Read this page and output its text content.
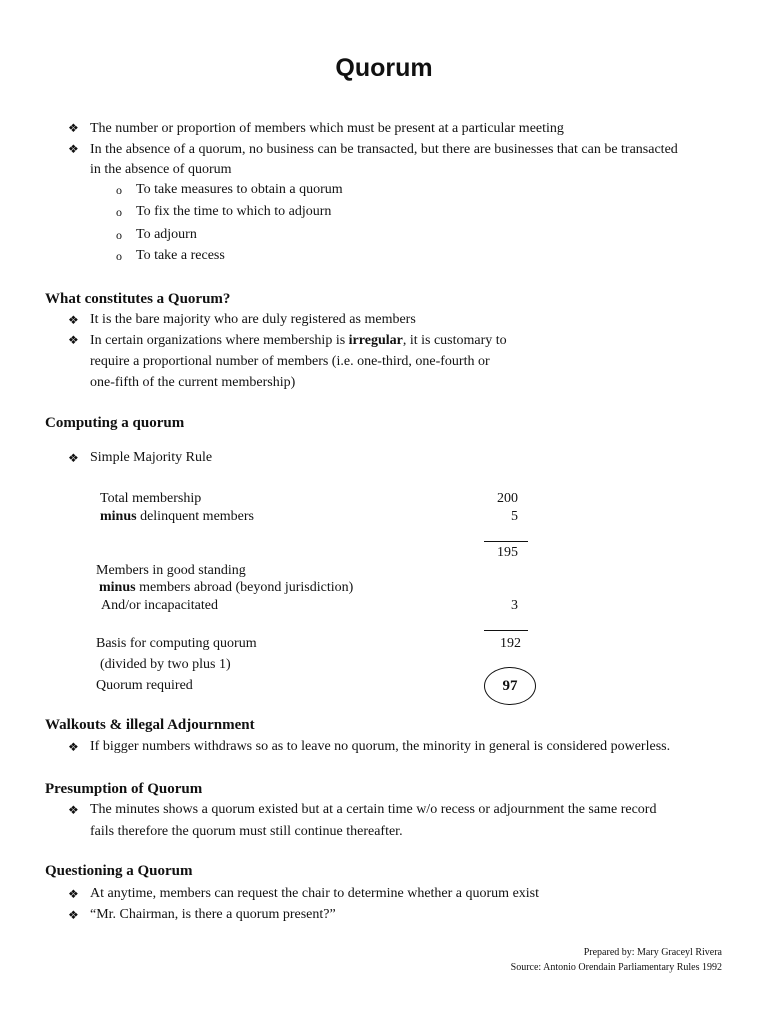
Quorum
❖ The number or proportion of members which must be present at a particular meeting
❖ In the absence of a quorum, no business can be transacted, but there are businesses that can be transacted
in the absence of quorum
o To take measures to obtain a quorum
o To fix the time to which to adjourn
o To adjourn
o To take a recess
What constitutes a Quorum?
❖ It is the bare majority who are duly registered as members
❖ In certain organizations where membership is irregular, it is customary to
require a proportional number of members (i.e. one-third, one-fourth or
one-fifth of the current membership)
Computing a quorum
❖ Simple Majority Rule
Total membership	200
minus delinquent members	5
195
Members in good standing
minus members abroad (beyond jurisdiction)
And/or incapacitated	3
Basis for computing quorum	192
(divided by two plus 1)
Quorum required	97
Walkouts & illegal Adjournment
❖ If bigger numbers withdraws so as to leave no quorum, the minority in general is considered powerless.
Presumption of Quorum
❖ The minutes shows a quorum existed but at a certain time w/o recess or adjournment the same record
fails therefore the quorum must still continue thereafter.
Questioning a Quorum
❖ At anytime, members can request the chair to determine whether a quorum exist
❖ “Mr. Chairman, is there a quorum present?”
Prepared by: Mary Graceyl Rivera
Source: Antonio Orendain Parliamentary Rules 1992
